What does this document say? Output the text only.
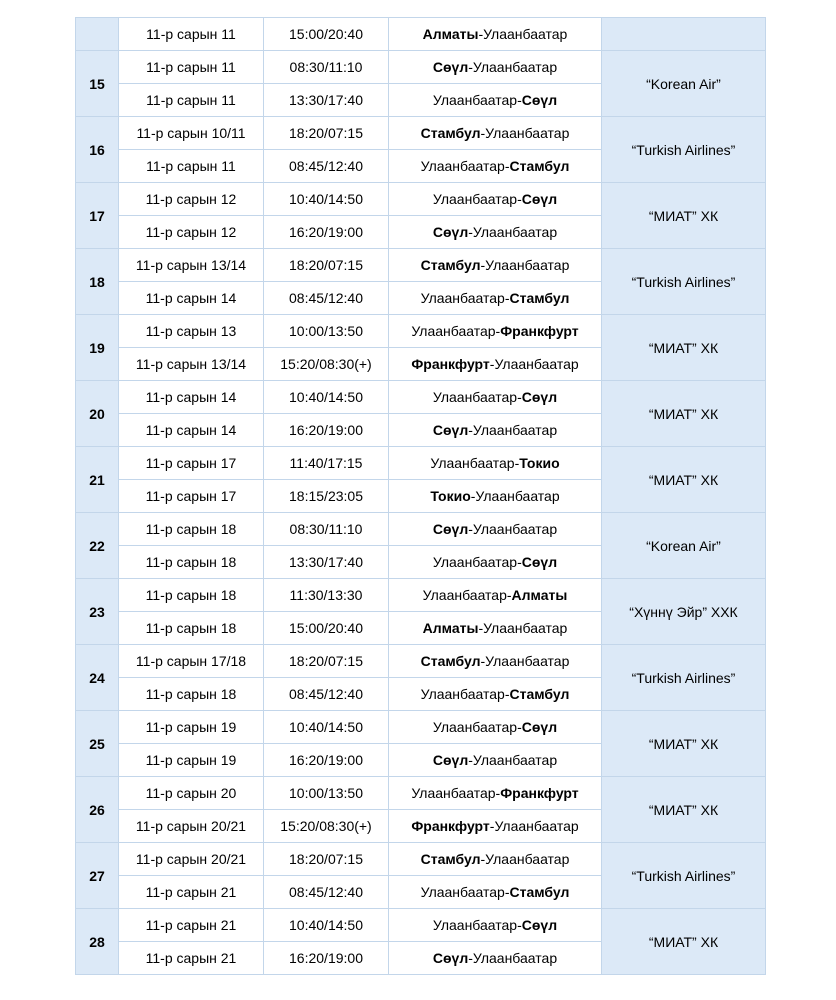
	11-р сарын 11	15:00/20:40	Алматы-Улаанбаатар	
15	11-р сарын 11	08:30/11:10	Сөүл-Улаанбаатар	“Korean Air”
	11-р сарын 11	13:30/17:40	Улаанбаатар-Сөүл	
16	11-р сарын 10/11	18:20/07:15	Стамбул-Улаанбаатар	“Turkish Airlines”
	11-р сарын 11	08:45/12:40	Улаанбаатар-Стамбул	
17	11-р сарын 12	10:40/14:50	Улаанбаатар-Сөүл	“МИАТ” ХК
	11-р сарын 12	16:20/19:00	Сөүл-Улаанбаатар	
18	11-р сарын 13/14	18:20/07:15	Стамбул-Улаанбаатар	“Turkish Airlines”
	11-р сарын 14	08:45/12:40	Улаанбаатар-Стамбул	
19	11-р сарын 13	10:00/13:50	Улаанбаатар-Франкфурт	“МИАТ” ХК
	11-р сарын 13/14	15:20/08:30(+)	Франкфурт-Улаанбаатар	
20	11-р сарын 14	10:40/14:50	Улаанбаатар-Сөүл	“МИАТ” ХК
	11-р сарын 14	16:20/19:00	Сөүл-Улаанбаатар	
21	11-р сарын 17	11:40/17:15	Улаанбаатар-Токио	“МИАТ” ХК
	11-р сарын 17	18:15/23:05	Токио-Улаанбаатар	
22	11-р сарын 18	08:30/11:10	Сөүл-Улаанбаатар	“Korean Air”
	11-р сарын 18	13:30/17:40	Улаанбаатар-Сөүл	
23	11-р сарын 18	11:30/13:30	Улаанбаатар-Алматы	“Хүннү Эйр” ХХК
	11-р сарын 18	15:00/20:40	Алматы-Улаанбаатар	
24	11-р сарын 17/18	18:20/07:15	Стамбул-Улаанбаатар	“Turkish Airlines”
	11-р сарын 18	08:45/12:40	Улаанбаатар-Стамбул	
25	11-р сарын 19	10:40/14:50	Улаанбаатар-Сөүл	“МИАТ” ХК
	11-р сарын 19	16:20/19:00	Сөүл-Улаанбаатар	
26	11-р сарын 20	10:00/13:50	Улаанбаатар-Франкфурт	“МИАТ” ХК
	11-р сарын 20/21	15:20/08:30(+)	Франкфурт-Улаанбаатар	
27	11-р сарын 20/21	18:20/07:15	Стамбул-Улаанбаатар	“Turkish Airlines”
	11-р сарын 21	08:45/12:40	Улаанбаатар-Стамбул	
28	11-р сарын 21	10:40/14:50	Улаанбаатар-Сөүл	“МИАТ” ХК
	11-р сарын 21	16:20/19:00	Сөүл-Улаанбаатар	
